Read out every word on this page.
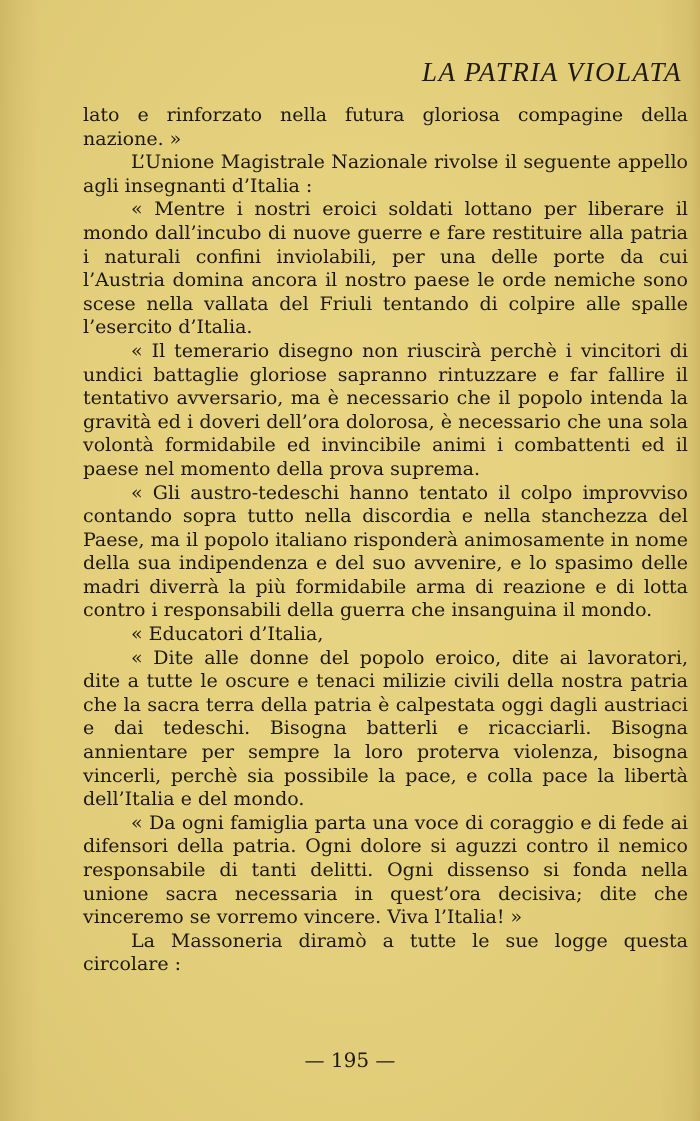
LA PATRIA VIOLATA

lato e rinforzato nella futura gloriosa compagine della nazione. »

L’Unione Magistrale Nazionale rivolse il seguente appello agli insegnanti d’Italia :

« Mentre i nostri eroici soldati lottano per liberare il mondo dall’incubo di nuove guerre e fare restituire alla patria i naturali confini inviolabili, per una delle porte da cui l’Austria domina ancora il nostro paese le orde nemiche sono scese nella vallata del Friuli tentando di colpire alle spalle l’esercito d’Italia.

« Il temerario disegno non riuscirà perchè i vincitori di undici battaglie gloriose sapranno rintuzzare e far fallire il tentativo avversario, ma è necessario che il popolo intenda la gravità ed i doveri dell’ora dolorosa, è necessario che una sola volontà formidabile ed invincibile animi i combattenti ed il paese nel momento della prova suprema.

« Gli austro-tedeschi hanno tentato il colpo improvviso contando sopra tutto nella discordia e nella stanchezza del Paese, ma il popolo italiano risponderà animosamente in nome della sua indipendenza e del suo avvenire, e lo spasimo delle madri diverrà la più formidabile arma di reazione e di lotta contro i responsabili della guerra che insanguina il mondo.

« Educatori d’Italia,

« Dite alle donne del popolo eroico, dite ai lavoratori, dite a tutte le oscure e tenaci milizie civili della nostra patria che la sacra terra della patria è calpestata oggi dagli austriaci e dai tedeschi. Bisogna batterli e ricacciarli. Bisogna annientare per sempre la loro proterva violenza, bisogna vincerli, perchè sia possibile la pace, e colla pace la libertà dell’Italia e del mondo.

« Da ogni famiglia parta una voce di coraggio e di fede ai difensori della patria. Ogni dolore si aguzzi contro il nemico responsabile di tanti delitti. Ogni dissenso si fonda nella unione sacra necessaria in quest’ora decisiva; dite che vinceremo se vorremo vincere. Viva l’Italia! »

La Massoneria diramò a tutte le sue logge questa circolare :

— 195 —
